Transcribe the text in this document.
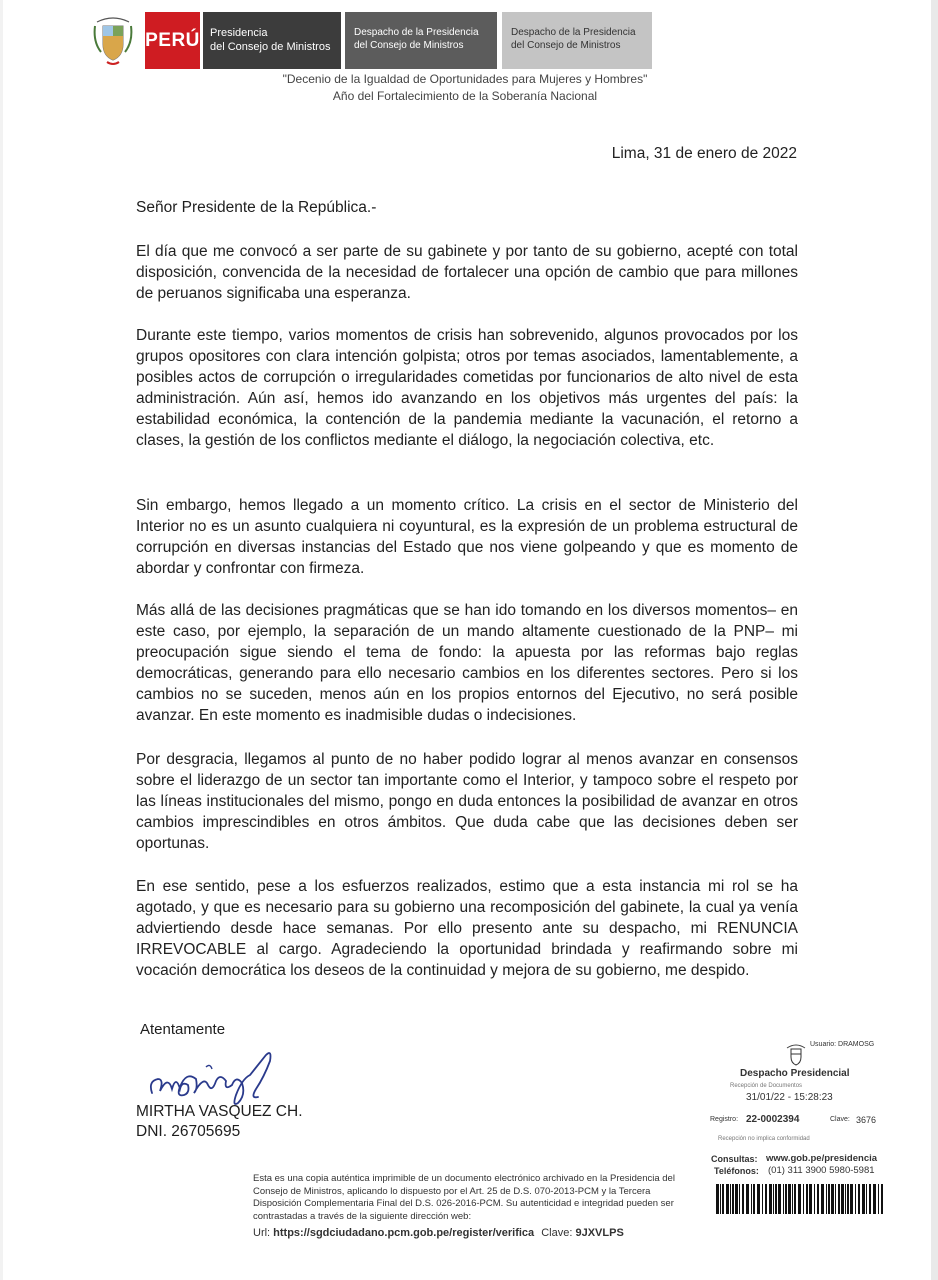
PERÚ Presidencia
del Consejo de Ministros
Despacho de la Presidencia
del Consejo de Ministros
Despacho de la Presidencia
del Consejo de Ministros
"Decenio de la Igualdad de Oportunidades para Mujeres y Hombres"
Año del Fortalecimiento de la Soberanía Nacional
Lima, 31 de enero de 2022
Señor Presidente de la República.-
El día que me convocó a ser parte de su gabinete y por tanto de su gobierno, acepté con total disposición, convencida de la necesidad de fortalecer una opción de cambio que para millones de peruanos significaba una esperanza.
Durante este tiempo, varios momentos de crisis han sobrevenido, algunos provocados por los grupos opositores con clara intención golpista; otros por temas asociados, lamentablemente, a posibles actos de corrupción o irregularidades cometidas por funcionarios de alto nivel de esta administración. Aún así, hemos ido avanzando en los objetivos más urgentes del país: la estabilidad económica, la contención de la pandemia mediante la vacunación, el retorno a clases, la gestión de los conflictos mediante el diálogo, la negociación colectiva, etc.
Sin embargo, hemos llegado a un momento crítico. La crisis en el sector de Ministerio del Interior no es un asunto cualquiera ni coyuntural, es la expresión de un problema estructural de corrupción en diversas instancias del Estado que nos viene golpeando y que es momento de abordar y confrontar con firmeza.
Más allá de las decisiones pragmáticas que se han ido tomando en los diversos momentos– en este caso, por ejemplo, la separación de un mando altamente cuestionado de la PNP– mi preocupación sigue siendo el tema de fondo: la apuesta por las reformas bajo reglas democráticas, generando para ello necesario cambios en los diferentes sectores. Pero si los cambios no se suceden, menos aún en los propios entornos del Ejecutivo, no será posible avanzar. En este momento es inadmisible dudas o indecisiones.
Por desgracia, llegamos al punto de no haber podido lograr al menos avanzar en consensos sobre el liderazgo de un sector tan importante como el Interior, y tampoco sobre el respeto por las líneas institucionales del mismo, pongo en duda entonces la posibilidad de avanzar en otros cambios imprescindibles en otros ámbitos. Que duda cabe que las decisiones deben ser oportunas.
En ese sentido, pese a los esfuerzos realizados, estimo que a esta instancia mi rol se ha agotado, y que es necesario para su gobierno una recomposición del gabinete, la cual ya venía adviertiendo desde hace semanas. Por ello presento ante su despacho, mi RENUNCIA IRREVOCABLE al cargo. Agradeciendo la oportunidad brindada y reafirmando sobre mi vocación democrática los deseos de la continuidad y mejora de su gobierno, me despido.
Atentamente
MIRTHA VASQUEZ CH.
DNI. 26705695
Usuario: DRAMOSG
Despacho Presidencial
Recepción de Documentos
31/01/22 - 15:28:23
Registro: 22-0002394	Clave: 3676
Recepción no implica conformidad
Consultas: www.gob.pe/presidencia
Teléfonos: (01) 311 3900 5980-5981
Esta es una copia auténtica imprimible de un documento electrónico archivado en la Presidencia del Consejo de Ministros, aplicando lo dispuesto por el Art. 25 de D.S. 070-2013-PCM y la Tercera Disposición Complementaria Final del D.S. 026-2016-PCM. Su autenticidad e integridad pueden ser contrastadas a través de la siguiente dirección web:
Url: https://sgdciudadano.pcm.gob.pe/register/verifica Clave: 9JXVLPS
